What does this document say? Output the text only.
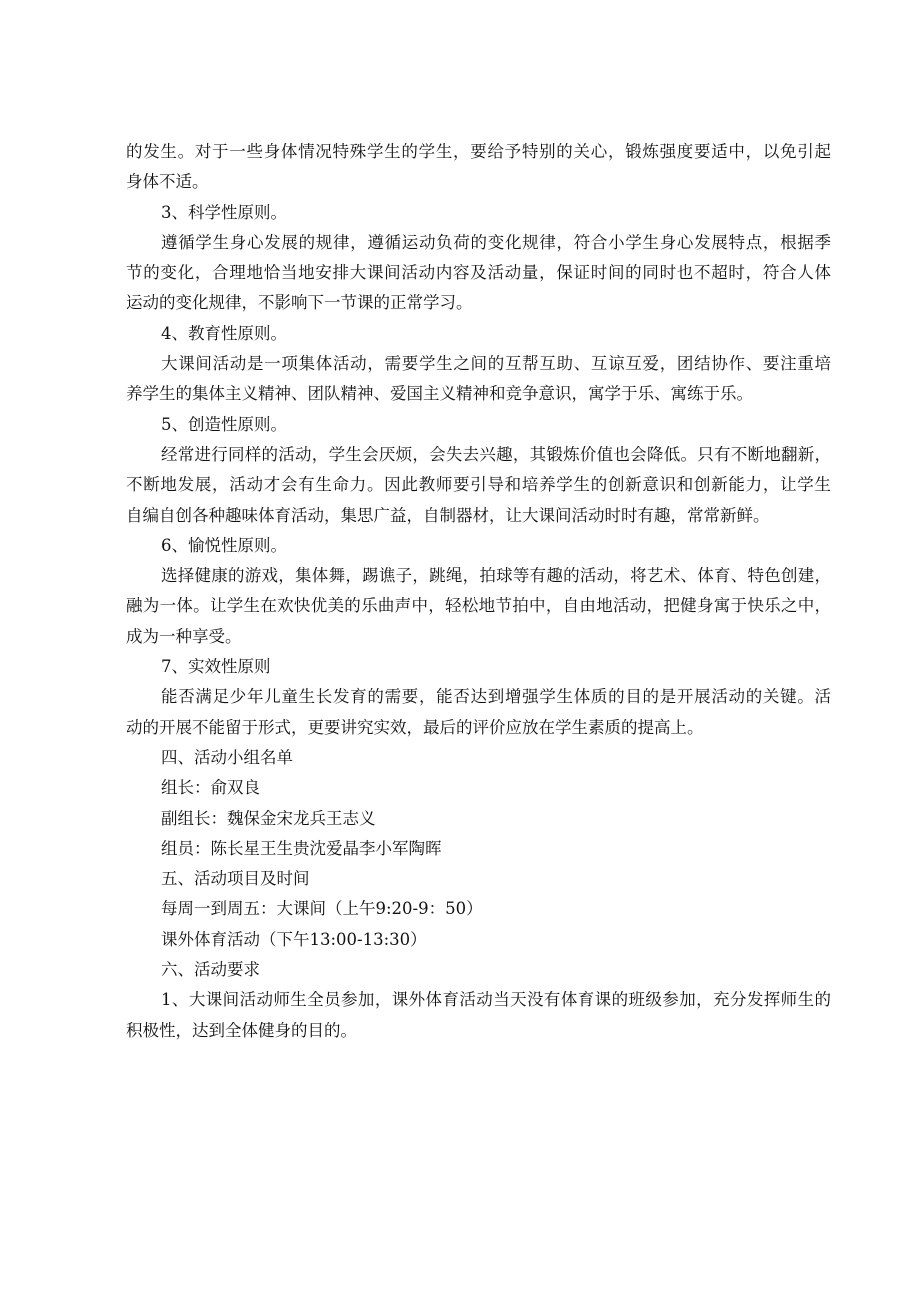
的发生。对于一些身体情况特殊学生的学生，要给予特别的关心，锻炼强度要适中，以免引起
身体不适。
3、科学性原则。
遵循学生身心发展的规律，遵循运动负荷的变化规律，符合小学生身心发展特点，根据季
节的变化，合理地恰当地安排大课间活动内容及活动量，保证时间的同时也不超时，符合人体
运动的变化规律，不影响下一节课的正常学习。
4、教育性原则。
大课间活动是一项集体活动，需要学生之间的互帮互助、互谅互爱，团结协作、要注重培
养学生的集体主义精神、团队精神、爱国主义精神和竞争意识，寓学于乐、寓练于乐。
5、创造性原则。
经常进行同样的活动，学生会厌烦，会失去兴趣，其锻炼价值也会降低。只有不断地翻新，
不断地发展，活动才会有生命力。因此教师要引导和培养学生的创新意识和创新能力，让学生
自编自创各种趣味体育活动，集思广益，自制器材，让大课间活动时时有趣，常常新鲜。
6、愉悦性原则。
选择健康的游戏，集体舞，踢谯子，跳绳，拍球等有趣的活动，将艺术、体育、特色创建，
融为一体。让学生在欢快优美的乐曲声中，轻松地节拍中，自由地活动，把健身寓于快乐之中，
成为一种享受。
7、实效性原则
能否满足少年儿童生长发育的需要，能否达到增强学生体质的目的是开展活动的关键。活
动的开展不能留于形式，更要讲究实效，最后的评价应放在学生素质的提高上。
四、活动小组名单
组长：俞双良
副组长：魏保金宋龙兵王志义
组员：陈长星王生贵沈爱晶李小军陶晖
五、活动项目及时间
每周一到周五：大课间（上午9:20-9：50）
课外体育活动（下午13:00-13:30）
六、活动要求
1、大课间活动师生全员参加，课外体育活动当天没有体育课的班级参加，充分发挥师生的
积极性，达到全体健身的目的。
